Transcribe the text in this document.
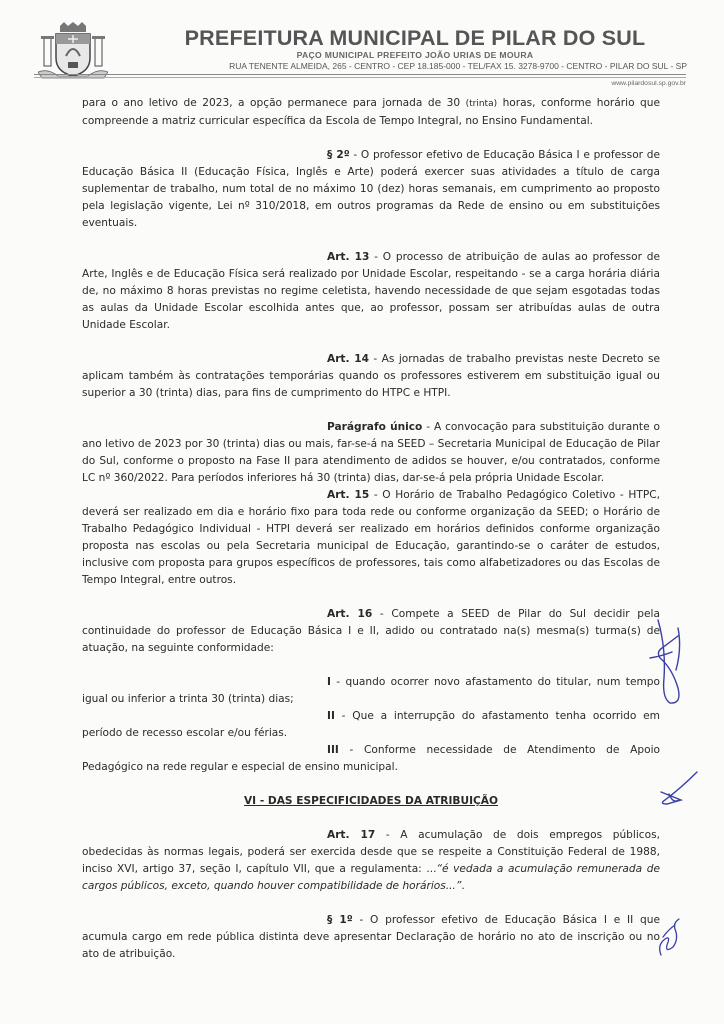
PREFEITURA MUNICIPAL DE PILAR DO SUL
PAÇO MUNICIPAL PREFEITO JOÃO URIAS DE MOURA
RUA TENENTE ALMEIDA, 265 - CENTRO - CEP 18.185-000 - TEL/FAX 15. 3278-9700 - CENTRO - PILAR DO SUL - SP
www.pilardosul.sp.gov.br

para o ano letivo de 2023, a opção permanece para jornada de 30 (trinta) horas, conforme horário que compreende a matriz curricular específica da Escola de Tempo Integral, no Ensino Fundamental.

§ 2º - O professor efetivo de Educação Básica I e professor de Educação Básica II (Educação Física, Inglês e Arte) poderá exercer suas atividades a título de carga suplementar de trabalho, num total de no máximo 10 (dez) horas semanais, em cumprimento ao proposto pela legislação vigente, Lei nº 310/2018, em outros programas da Rede de ensino ou em substituições eventuais.

Art. 13 - O processo de atribuição de aulas ao professor de Arte, Inglês e de Educação Física será realizado por Unidade Escolar, respeitando - se a carga horária diária de, no máximo 8 horas previstas no regime celetista, havendo necessidade de que sejam esgotadas todas as aulas da Unidade Escolar escolhida antes que, ao professor, possam ser atribuídas aulas de outra Unidade Escolar.

Art. 14 - As jornadas de trabalho previstas neste Decreto se aplicam também às contratações temporárias quando os professores estiverem em substituição igual ou superior a 30 (trinta) dias, para fins de cumprimento do HTPC e HTPI.

Parágrafo único - A convocação para substituição durante o ano letivo de 2023 por 30 (trinta) dias ou mais, far-se-á na SEED – Secretaria Municipal de Educação de Pilar do Sul, conforme o proposto na Fase II para atendimento de adidos se houver, e/ou contratados, conforme LC nº 360/2022. Para períodos inferiores há 30 (trinta) dias, dar-se-á pela própria Unidade Escolar.

Art. 15 - O Horário de Trabalho Pedagógico Coletivo - HTPC, deverá ser realizado em dia e horário fixo para toda rede ou conforme organização da SEED; o Horário de Trabalho Pedagógico Individual - HTPI deverá ser realizado em horários definidos conforme organização proposta nas escolas ou pela Secretaria municipal de Educação, garantindo-se o caráter de estudos, inclusive com proposta para grupos específicos de professores, tais como alfabetizadores ou das Escolas de Tempo Integral, entre outros.

Art. 16 - Compete a SEED de Pilar do Sul decidir pela continuidade do professor de Educação Básica I e II, adido ou contratado na(s) mesma(s) turma(s) de atuação, na seguinte conformidade:

I - quando ocorrer novo afastamento do titular, num tempo igual ou inferior a trinta 30 (trinta) dias;

II - Que a interrupção do afastamento tenha ocorrido em período de recesso escolar e/ou férias.

III - Conforme necessidade de Atendimento de Apoio Pedagógico na rede regular e especial de ensino municipal.

VI - DAS ESPECIFICIDADES DA ATRIBUIÇÃO

Art. 17 - A acumulação de dois empregos públicos, obedecidas às normas legais, poderá ser exercida desde que se respeite a Constituição Federal de 1988, inciso XVI, artigo 37, seção I, capítulo VII, que a regulamenta: ...“é vedada a acumulação remunerada de cargos públicos, exceto, quando houver compatibilidade de horários...”.

§ 1º - O professor efetivo de Educação Básica I e II que acumula cargo em rede pública distinta deve apresentar Declaração de horário no ato de inscrição ou no ato de atribuição.
